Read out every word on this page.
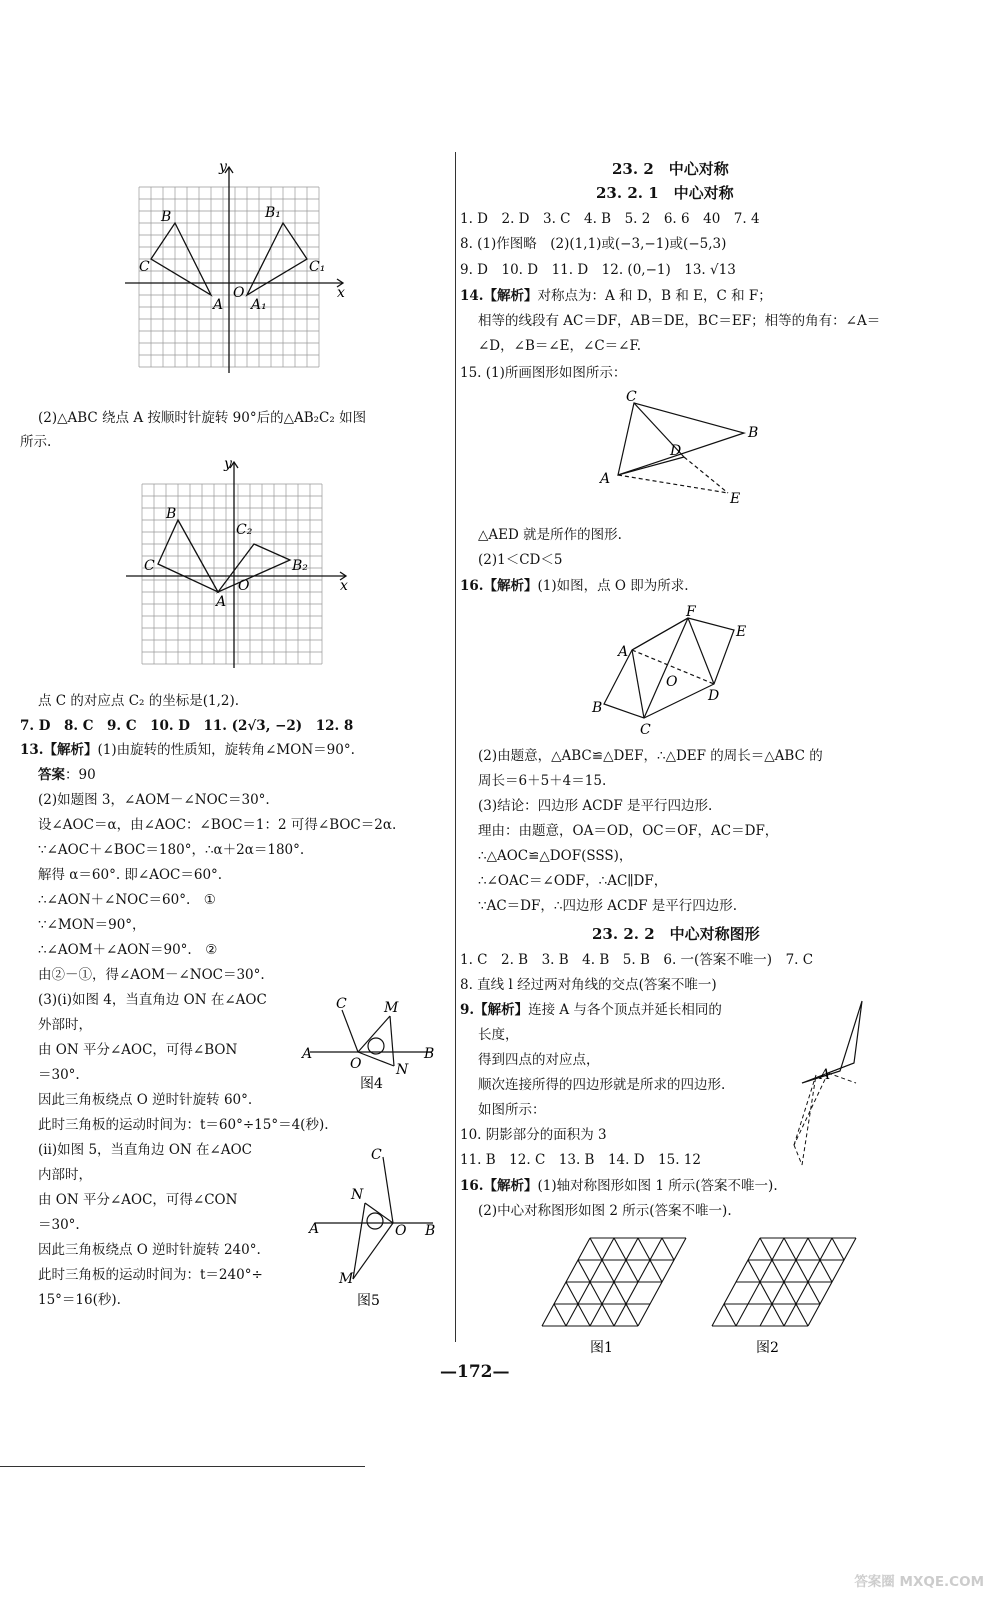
y
B	B₁
C	C₁
O	x
A A₁
(2)△ABC 绕点 A 按顺时针旋转 90°后的△AB₂C₂ 如图
所示.
y
B
C₂
C	B₂
O	x
A
点 C 的对应点 C₂ 的坐标是(1,2).
7. D　8. C　9. C　10. D　11. (2√3, −2)　12. 8
13.【解析】(1)由旋转的性质知，旋转角∠MON＝90°.
答案：90
(2)如题图 3，∠AOM－∠NOC＝30°.
设∠AOC＝α，由∠AOC：∠BOC＝1：2 可得∠BOC＝2α.
∵∠AOC＋∠BOC＝180°，∴α＋2α＝180°.
解得 α＝60°. 即∠AOC＝60°.
∴∠AON＋∠NOC＝60°.　①
∵∠MON＝90°，
∴∠AOM＋∠AON＝90°.　②
由②－①，得∠AOM－∠NOC＝30°.
(3)(ⅰ)如图 4，当直角边 ON 在∠AOC
外部时，
由 ON 平分∠AOC，可得∠BON
＝30°.
因此三角板绕点 O 逆时针旋转 60°.
此时三角板的运动时间为：t＝60°÷15°＝4(秒).
(ⅱ)如图 5，当直角边 ON 在∠AOC
内部时，
由 ON 平分∠AOC，可得∠CON
＝30°.
因此三角板绕点 O 逆时针旋转 240°.
此时三角板的运动时间为：t＝240°÷
15°＝16(秒).
C	M
A
O N
B
图4
C
N
A	O B
M
图5
23. 2　中心对称
23. 2. 1　中心对称
1. D　2. D　3. C　4. B　5. 2　6. 6　40　7. 4
8. (1)作图略　(2)(1,1)或(−3,−1)或(−5,3)
9. D　10. D　11. D　12. (0,−1)　13. √13
14.【解析】对称点为：A 和 D，B 和 E，C 和 F；
相等的线段有 AC＝DF，AB＝DE，BC＝EF；相等的角有：∠A＝
∠D，∠B＝∠E，∠C＝∠F.
15. (1)所画图形如图所示：
C
B
D
A
E
△AED 就是所作的图形.
(2)1＜CD＜5
16.【解析】(1)如图，点 O 即为所求.
F
E
A
O
D
B
C
(2)由题意，△ABC≌△DEF，∴△DEF 的周长＝△ABC 的
周长＝6＋5＋4＝15.
(3)结论：四边形 ACDF 是平行四边形.
理由：由题意，OA＝OD，OC＝OF，AC＝DF，
∴△AOC≌△DOF(SSS)，
∴∠OAC＝∠ODF，∴AC∥DF，
∵AC＝DF，∴四边形 ACDF 是平行四边形.
23. 2. 2　中心对称图形
1. C　2. B　3. B　4. B　5. B　6. 一(答案不唯一)　7. C
8. 直线 l 经过两对角线的交点(答案不唯一)
9.【解析】连接 A 与各个顶点并延长相同的
长度，
得到四点的对应点，
顺次连接所得的四边形就是所求的四边形.
如图所示：
A
10. 阴影部分的面积为 3
11. B　12. C　13. B　14. D　15. 12
16.【解析】(1)轴对称图形如图 1 所示(答案不唯一).
(2)中心对称图形如图 2 所示(答案不唯一).
图1	图2
—172—
答案圈 MXQE.COM
